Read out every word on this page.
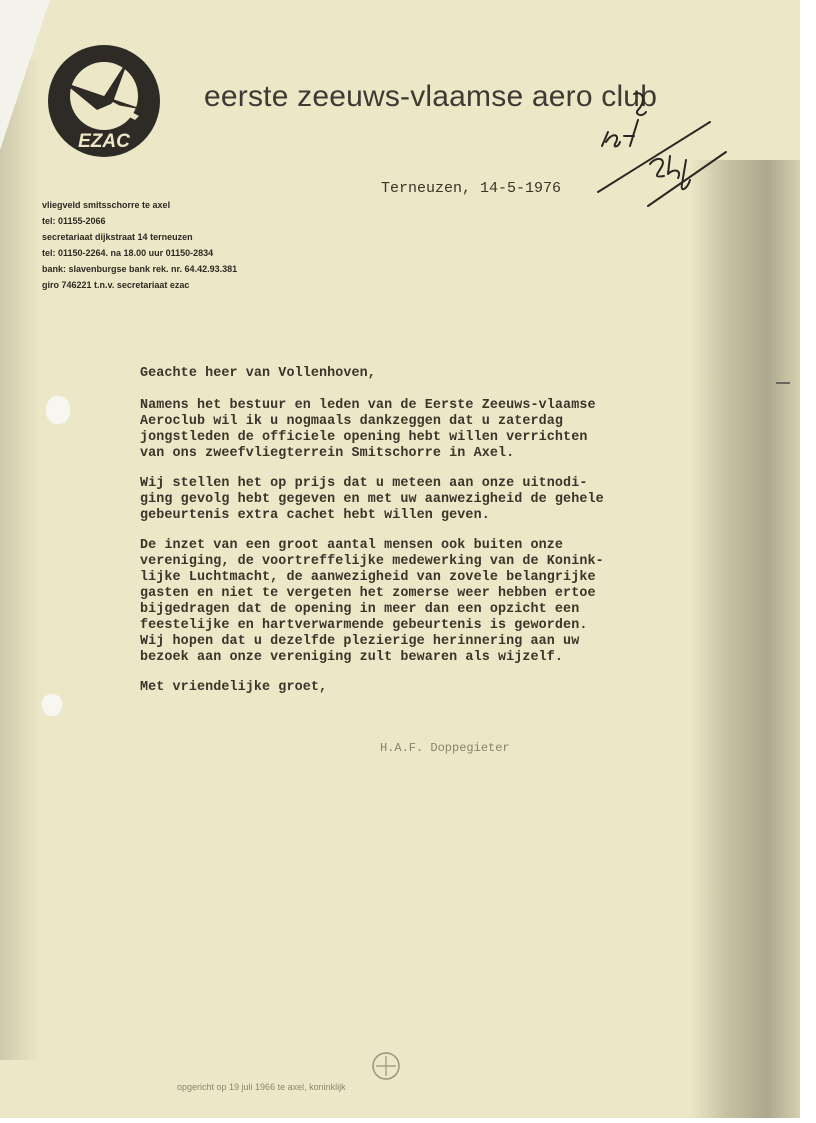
EZAC
eerste zeeuws-vlaamse aero club
vliegveld smitsschorre te axel
tel: 01155-2066
secretariaat dijkstraat 14 terneuzen
tel: 01150-2264. na 18.00 uur 01150-2834
bank: slavenburgse bank rek. nr. 64.42.93.381
giro 746221 t.n.v. secretariaat ezac
Terneuzen, 14-5-1976

Geachte heer van Vollenhoven,

Namens het bestuur en leden van de Eerste Zeeuws-vlaamse
Aeroclub wil ik u nogmaals dankzeggen dat u zaterdag
jongstleden de officiele opening hebt willen verrichten
van ons zweefvliegterrein Smitschorre in Axel.

Wij stellen het op prijs dat u meteen aan onze uitnodi-
ging gevolg hebt gegeven en met uw aanwezigheid de gehele
gebeurtenis extra cachet hebt willen geven.

De inzet van een groot aantal mensen ook buiten onze
vereniging, de voortreffelijke medewerking van de Konink-
lijke Luchtmacht, de aanwezigheid van zovele belangrijke
gasten en niet te vergeten het zomerse weer hebben ertoe
bijgedragen dat de opening in meer dan een opzicht een
feestelijke en hartverwarmende gebeurtenis is geworden.
Wij hopen dat u dezelfde plezierige herinnering aan uw
bezoek aan onze vereniging zult bewaren als wijzelf.

Met vriendelijke groet,

H.A.F. Doppegieter
opgericht op 19 juli 1966 te axel, koninklijk
